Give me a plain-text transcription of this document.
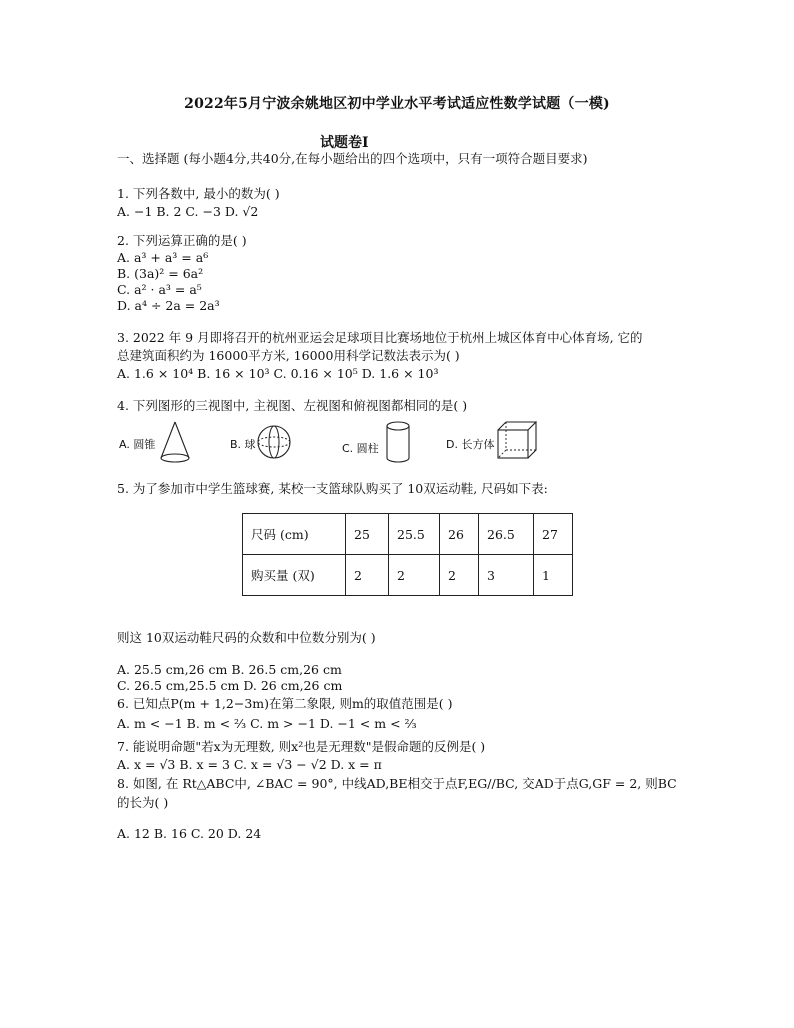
2022年5月宁波余姚地区初中学业水平考试适应性数学试题（一模)
试题卷I
一、选择题 (每小题4分,共40分,在每小题给出的四个选项中，只有一项符合题目要求)
1. 下列各数中, 最小的数为( )
A. −1 B. 2 C. −3 D. √2
2. 下列运算正确的是( )
A. a³ + a³ = a⁶
B. (3a)² = 6a²
C. a² · a³ = a⁵
D. a⁴ ÷ 2a = 2a³
3. 2022 年 9 月即将召开的杭州亚运会足球项目比赛场地位于杭州上城区体育中心体育场, 它的
总建筑面积约为 16000平方米, 16000用科学记数法表示为( )
A. 1.6 × 10⁴ B. 16 × 10³ C. 0.16 × 10⁵ D. 1.6 × 10³
4. 下列图形的三视图中, 主视图、左视图和俯视图都相同的是( )
A. 圆锥	B. 球	C. 圆柱	D. 长方体
5. 为了参加市中学生篮球赛, 某校一支篮球队购买了 10双运动鞋, 尺码如下表:
尺码 (cm)	25	25.5	26	26.5	27
购买量 (双)	2	2	2	3	1
则这 10双运动鞋尺码的众数和中位数分别为( )
A. 25.5 cm,26 cm B. 26.5 cm,26 cm
C. 26.5 cm,25.5 cm D. 26 cm,26 cm
6. 已知点P(m + 1,2−3m)在第二象限, 则m的取值范围是( )
A. m < −1 B. m < ⅔ C. m > −1 D. −1 < m < ⅔
7. 能说明命题"若x为无理数, 则x²也是无理数"是假命题的反例是( )
A. x = √3 B. x = 3 C. x = √3 − √2 D. x = π
8. 如图, 在 Rt△ABC中, ∠BAC = 90°, 中线AD,BE相交于点F,EG//BC, 交AD于点G,GF = 2, 则BC
的长为( )
A. 12 B. 16 C. 20 D. 24
